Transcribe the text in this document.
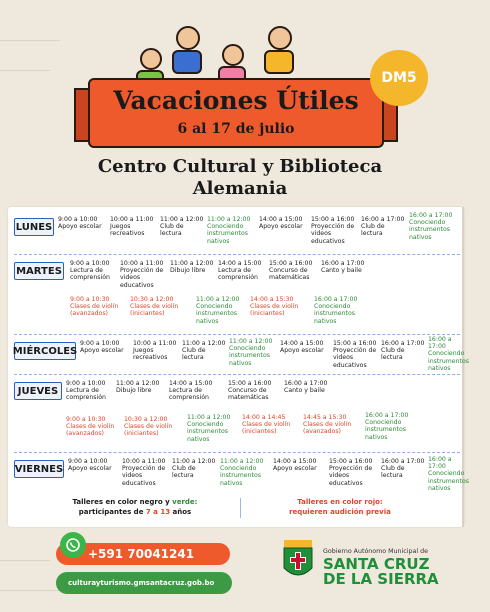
Vacaciones Útiles
6 al 17 de julio
DM5
Centro Cultural y Biblioteca
Alemania
LUNES
9:00 a 10:00
Apoyo escolar
10:00 a 11:00
Juegos recreativos
11:00 a 12:00
Club de lectura
11:00 a 12:00
Conociendo instrumentos nativos
14:00 a 15:00
Apoyo escolar
15:00 a 16:00
Proyección de videos educativos
16:00 a 17:00
Club de lectura
16:00 a 17:00
Conociendo instrumentos nativos
MARTES
9:00 a 10:00
Lectura de comprensión
10:00 a 11:00
Proyección de videos educativos
11:00 a 12:00
Dibujo libre
14:00 a 15:00
Lectura de comprensión
15:00 a 16:00
Concurso de matemáticas
16:00 a 17:00
Canto y baile
9:00 a 10:30
Clases de violín (avanzados)
10:30 a 12:00
Clases de violín (iniciantes)
11:00 a 12:00
Conociendo instrumentos nativos
14:00 a 15:30
Clases de violín (iniciantes)
16:00 a 17:00
Conociendo instrumentos nativos
MIÉRCOLES
9:00 a 10:00
Apoyo escolar
10:00 a 11:00
Juegos recreativos
11:00 a 12:00
Club de lectura
11:00 a 12:00
Conociendo instrumentos nativos
14:00 a 15:00
Apoyo escolar
15:00 a 16:00
Proyección de videos educativos
16:00 a 17:00
Club de lectura
16:00 a 17:00
Conociendo instrumentos nativos
JUEVES
9:00 a 10:00
Lectura de comprensión
11:00 a 12:00
Dibujo libre
14:00 a 15:00
Lectura de comprensión
15:00 a 16:00
Concurso de matemáticas
16:00 a 17:00
Canto y baile
9:00 a 10:30
Clases de violín (avanzados)
10:30 a 12:00
Clases de violín (iniciantes)
11:00 a 12:00
Conociendo instrumentos nativos
14:00 a 14:45
Clases de violín (iniciantes)
14:45 a 15:30
Clases de violín (avanzados)
16:00 a 17:00
Conociendo instrumentos nativos
VIERNES
9:00 a 10:00
Apoyo escolar
10:00 a 11:00
Proyección de videos educativos
11:00 a 12:00
Club de lectura
11:00 a 12:00
Conociendo instrumentos nativos
14:00 a 15:00
Apoyo escolar
15:00 a 16:00
Proyección de videos educativos
16:00 a 17:00
Club de lectura
16:00 a 17:00
Conociendo instrumentos nativos
Talleres en color negro y verde:
participantes de 7 a 13 años
Talleres en color rojo:
requieren audición previa
+591 70041241
culturayturismo.gmsantacruz.gob.bo
Gobierno Autónomo Municipal de
SANTA CRUZ
DE LA SIERRA
